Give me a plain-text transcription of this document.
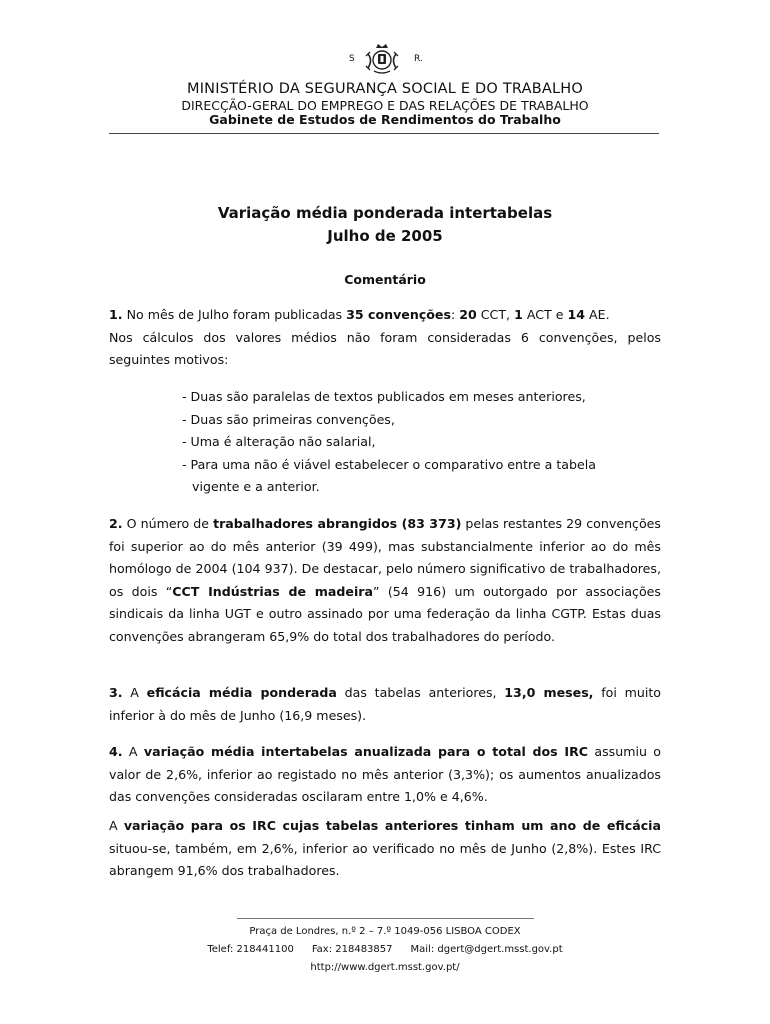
S	R.
MINISTÉRIO DA SEGURANÇA SOCIAL E DO TRABALHO
DIRECÇÃO-GERAL DO EMPREGO E DAS RELAÇÕES DE TRABALHO
Gabinete de Estudos de Rendimentos do Trabalho
Variação média ponderada intertabelas
Julho de 2005
Comentário
1. No mês de Julho foram publicadas 35 convenções: 20 CCT, 1 ACT e 14 AE.
Nos cálculos dos valores médios não foram consideradas 6 convenções, pelos seguintes motivos:
- Duas são paralelas de textos publicados em meses anteriores,
- Duas são primeiras convenções,
- Uma é alteração não salarial,
- Para uma não é viável estabelecer o comparativo entre a tabela
vigente e a anterior.
2. O número de trabalhadores abrangidos (83 373) pelas restantes 29 convenções foi superior ao do mês anterior (39 499), mas substancialmente inferior ao do mês homólogo de 2004 (104 937). De destacar, pelo número significativo de trabalhadores, os dois “CCT Indústrias de madeira” (54 916) um outorgado por associações sindicais da linha UGT e outro assinado por uma federação da linha CGTP. Estas duas convenções abrangeram 65,9% do total dos trabalhadores do período.
3. A eficácia média ponderada das tabelas anteriores, 13,0 meses, foi muito inferior à do mês de Junho (16,9 meses).
4. A variação média intertabelas anualizada para o total dos IRC assumiu o valor de 2,6%, inferior ao registado no mês anterior (3,3%); os aumentos anualizados das convenções consideradas oscilaram entre 1,0% e 4,6%.
A variação para os IRC cujas tabelas anteriores tinham um ano de eficácia situou-se, também, em 2,6%, inferior ao verificado no mês de Junho (2,8%). Estes IRC abrangem 91,6% dos trabalhadores.
Praça de Londres, n.º 2 – 7.º 1049-056 LISBOA CODEX
Telef: 218441100 Fax: 218483857 Mail: dgert@dgert.msst.gov.pt
http://www.dgert.msst.gov.pt/
